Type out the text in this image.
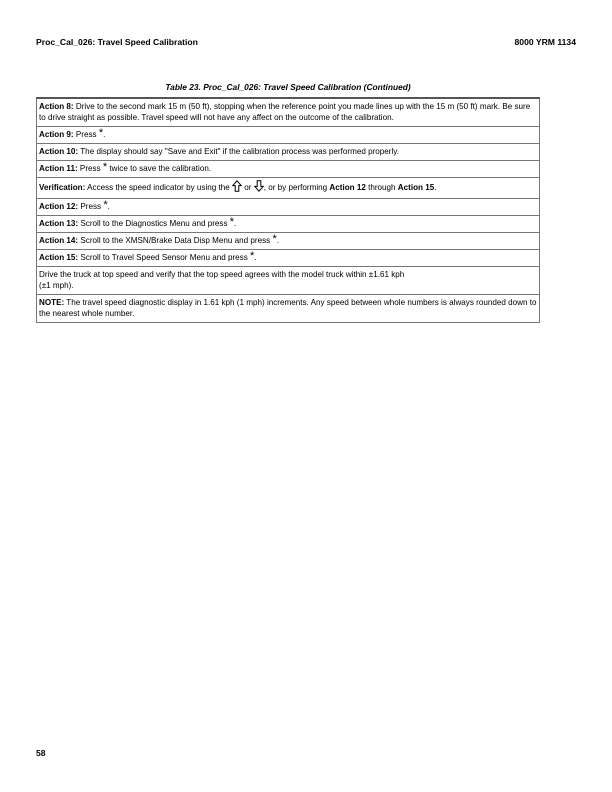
Proc_Cal_026: Travel Speed Calibration	8000 YRM 1134
Table 23. Proc_Cal_026: Travel Speed Calibration (Continued)
Action 8: Drive to the second mark 15 m (50 ft), stopping when the reference point you made lines up with the 15 m (50 ft) mark. Be sure to drive straight as possible. Travel speed will not have any affect on the outcome of the calibration.
Action 9: Press *.
Action 10: The display should say "Save and Exit" if the calibration process was performed properly.
Action 11: Press * twice to save the calibration.
Verification: Access the speed indicator by using the  or , or by performing Action 12 through Action 15.
Action 12: Press *.
Action 13: Scroll to the Diagnostics Menu and press *.
Action 14: Scroll to the XMSN/Brake Data Disp Menu and press *.
Action 15: Scroll to Travel Speed Sensor Menu and press *.
Drive the truck at top speed and verify that the top speed agrees with the model truck within ±1.61 kph
(±1 mph).
NOTE: The travel speed diagnostic display in 1.61 kph (1 mph) increments. Any speed between whole numbers is always rounded down to the nearest whole number.
58
